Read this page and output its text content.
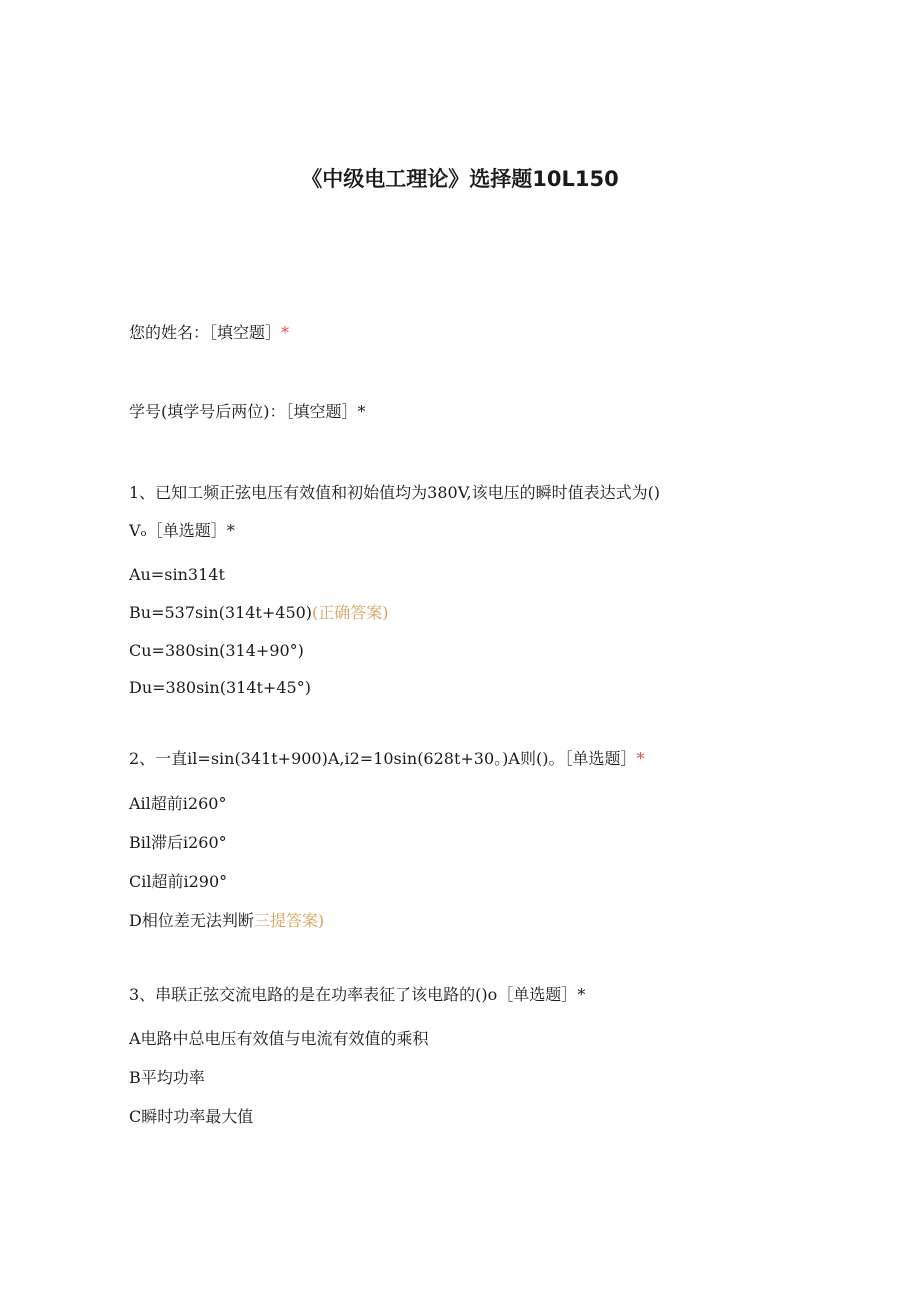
《中级电工理论》选择题10L150
您的姓名：［填空题］*
学号(填学号后两位)：［填空题］*
1、已知工频正弦电压有效值和初始值均为380V,该电压的瞬时值表达式为()
Vₒ［单选题］*
Au=sin314t
Bu=537sin(314t+450)(正确答案)
Cu=380sin(314+90°)
Du=380sin(314t+45°)
2、一直il=sin(341t+900)A,i2=10sin(628t+30。)A则()。［单选题］*
Ail超前i260°
Bil滞后i260°
Cil超前i290°
D相位差无法判断三提答案)
3、串联正弦交流电路的是在功率表征了该电路的()o［单选题］*
A电路中总电压有效值与电流有效值的乘积
B平均功率
C瞬时功率最大值
